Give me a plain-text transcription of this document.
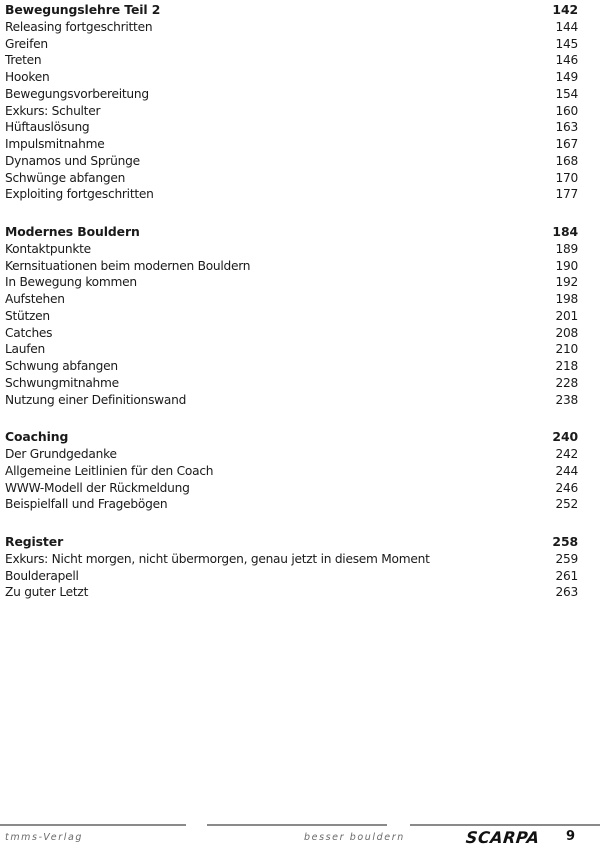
Bewegungslehre Teil 2	142
Releasing fortgeschritten	144
Greifen	145
Treten	146
Hooken	149
Bewegungsvorbereitung	154
Exkurs: Schulter	160
Hüftauslösung	163
Impulsmitnahme	167
Dynamos und Sprünge	168
Schwünge abfangen	170
Exploiting fortgeschritten	177
Modernes Bouldern	184
Kontaktpunkte	189
Kernsituationen beim modernen Bouldern	190
In Bewegung kommen	192
Aufstehen	198
Stützen	201
Catches	208
Laufen	210
Schwung abfangen	218
Schwungmitnahme	228
Nutzung einer Definitionswand	238
Coaching	240
Der Grundgedanke	242
Allgemeine Leitlinien für den Coach	244
WWW-Modell der Rückmeldung	246
Beispielfall und Fragebögen	252
Register	258
Exkurs: Nicht morgen, nicht übermorgen, genau jetzt in diesem Moment	259
Boulderapell	261
Zu guter Letzt	263
tmms-Verlag	besser bouldern	SCARPA 9
